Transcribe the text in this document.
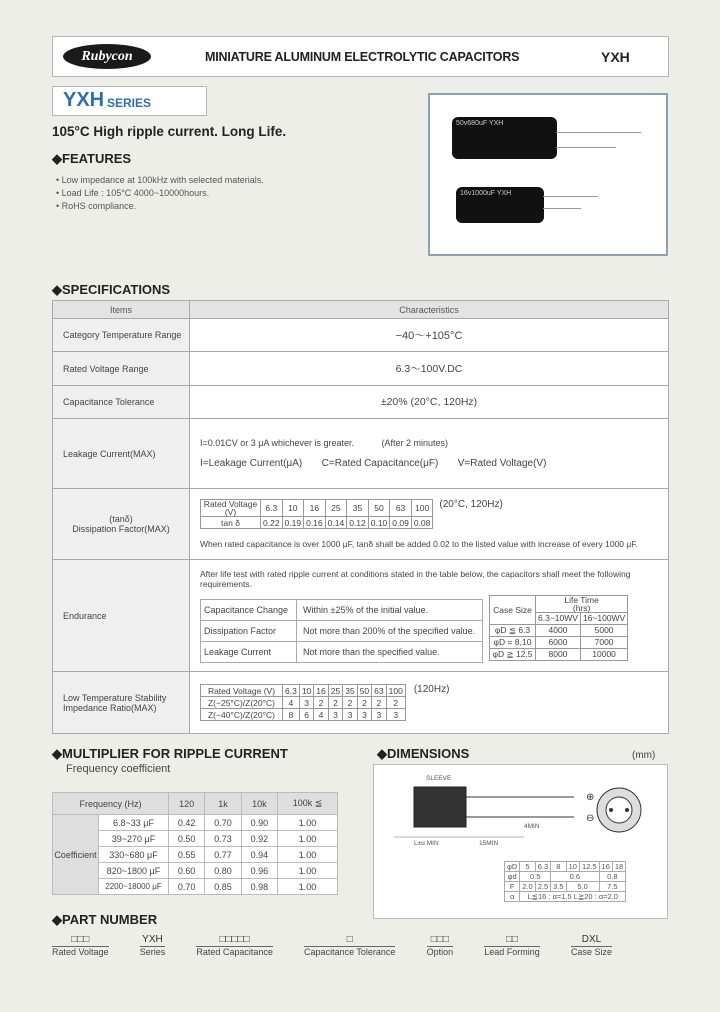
Rubycon	MINIATURE ALUMINUM ELECTROLYTIC CAPACITORS	YXH
YXH SERIES
105°C High ripple current. Long Life.
◆FEATURES
• Low impedance at 100kHz with selected materials.
• Load Life : 105°C 4000~10000hours.
• RoHS compliance.
50v680uF YXH
16v1000uF YXH
◆SPECIFICATIONS
Items	Characteristics
Category Temperature Range	−40～+105°C
Rated Voltage Range	6.3～100V.DC
Capacitance Tolerance	±20% (20°C, 120Hz)
Leakage Current(MAX)	
I=0.01CV or 3 μA whichever is greater.	(After 2 minutes)
I=Leakage Current(μA) C=Rated Capacitance(μF) V=Rated Voltage(V)

(tanδ)
Dissipation Factor(MAX)

Rated Voltage (V)	6.3	10	16	25	35	50	63	100
tan δ	0.22	0.19	0.16	0.14	0.12	0.10	0.09	0.08
(20°C, 120Hz)
When rated capacitance is over 1000 μF, tanδ shall be added 0.02 to the listed value with increase of every 1000 μF.

Endurance	
After life test with rated ripple current at conditions stated in the table below, the capacitors shall meet the following requirements.
Capacitance Change	Within ±25% of the initial value.
Dissipation Factor	Not more than 200% of the specified value.
Leakage Current	Not more than the specified value.
Case Size	
Life Time
(hrs)

6.3~10WV	16~100WV
φD ≦ 6.3	4000	5000
φD = 8,10	6000	7000
φD ≧ 12.5	8000	10000

Low Temperature Stability
Impedance Ratio(MAX)

Rated Voltage (V)	6.3	10	16	25	35	50	63	100
Z(−25°C)/Z(20°C)	4	3	2	2	2	2	2	2
Z(−40°C)/Z(20°C)	8	6	4	3	3	3	3	3
(120Hz)
◆MULTIPLIER FOR RIPPLE CURRENT
Frequency coefficient
Frequency (Hz)		120	1k	10k	100k ≦
Coefficient	6.8~33 μF	0.42	0.70	0.90	1.00
	39~270 μF	0.50	0.73	0.92	1.00
	330~680 μF	0.55	0.77	0.94	1.00
	820~1800 μF	0.60	0.80	0.96	1.00
	2200~18000 μF	0.70	0.85	0.98	1.00
◆DIMENSIONS	(mm)
⊕
⊖
SLEEVE
L±α MIN	15MIN
4MIN
φD	5	6.3	8	10	12.5	16	18
φd	0.5		0.6			0.8	
F	2.0	2.5	3.5	5.0		7.5	
α	L≦16 : α=1.5 L≧20 : α=2.0						
◆PART NUMBER
□□□
Rated Voltage
YXH
Series
□□□□□
Rated Capacitance
□
Capacitance Tolerance
□□□
Option
□□
Lead Forming
DXL
Case Size
